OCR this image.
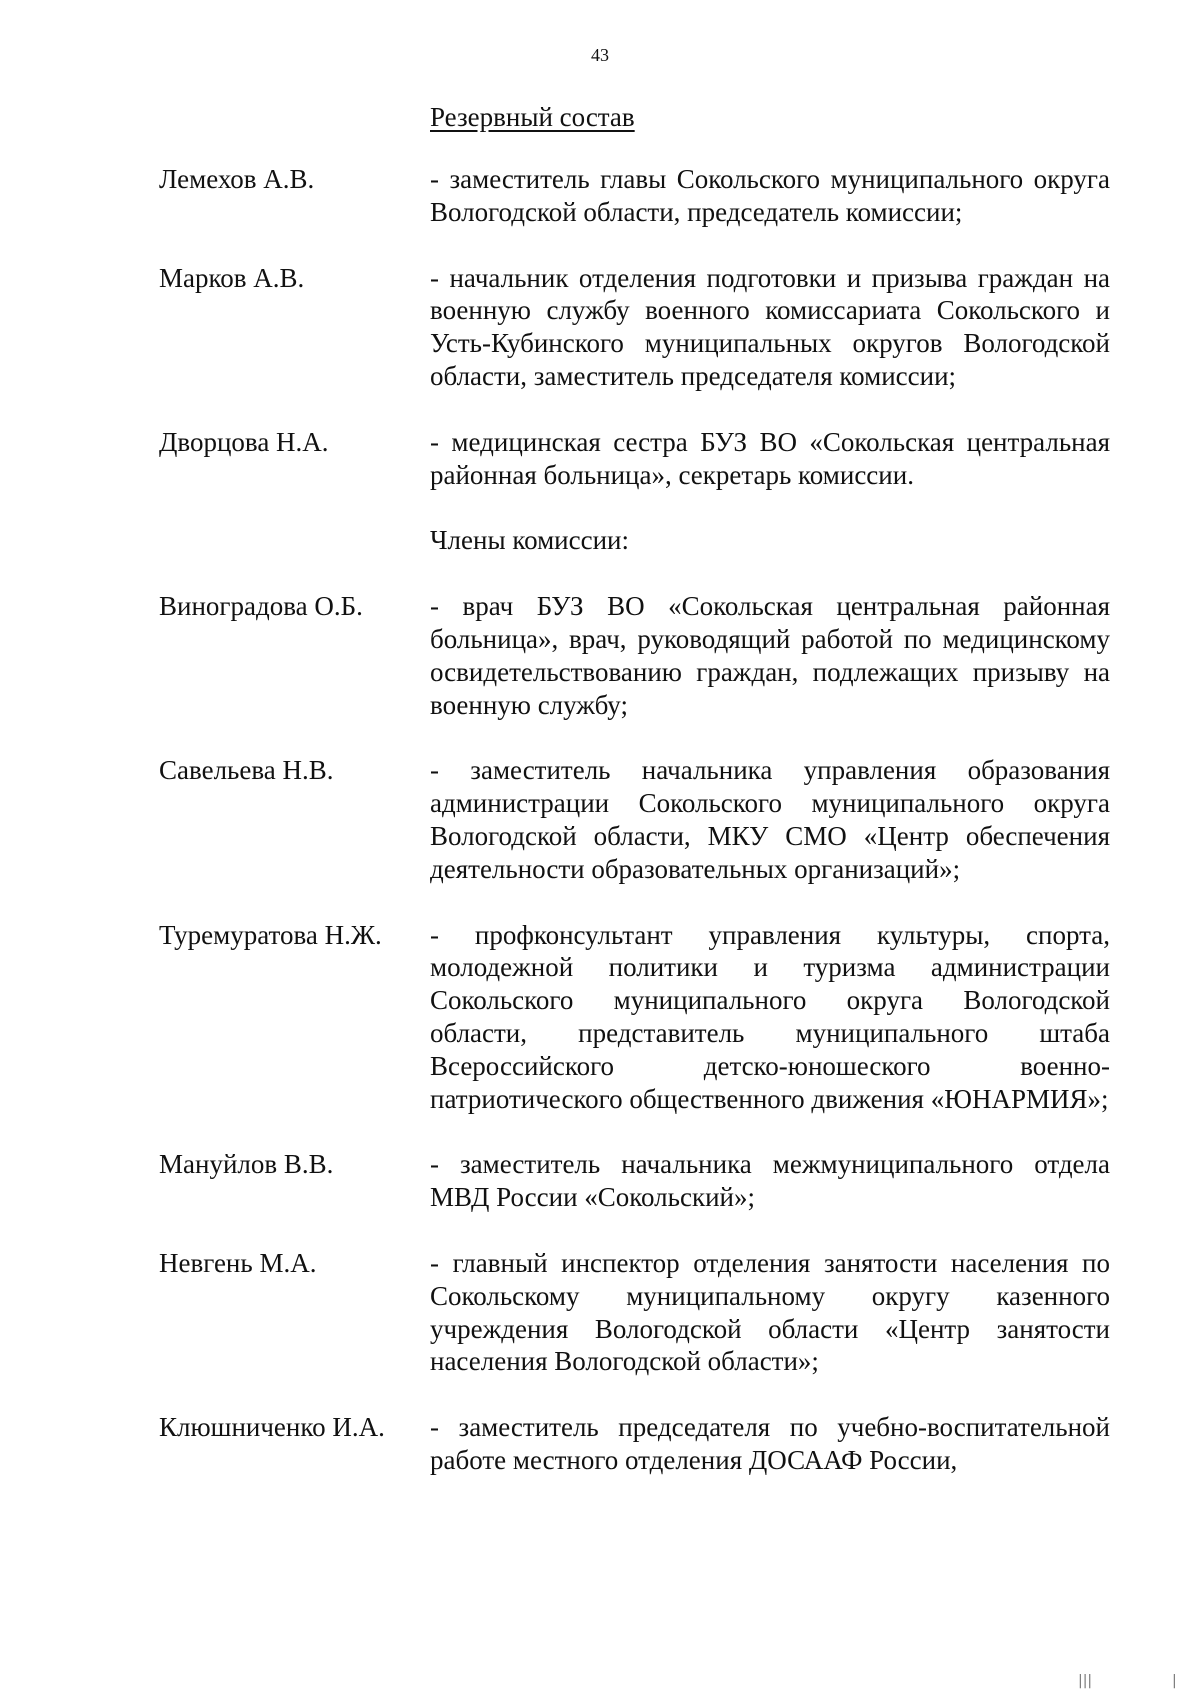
43
Резервный состав
Лемехов А.В.	- заместитель главы Сокольского муниципального округа Вологодской области, председатель комиссии;
Марков А.В.	- начальник отделения подготовки и призыва граждан на военную службу военного комиссариата Сокольского и Усть-Кубинского муниципальных округов Вологодской области, заместитель председателя комиссии;
Дворцова Н.А.	- медицинская сестра БУЗ ВО «Сокольская центральная районная больница», секретарь комиссии.
Члены комиссии:
Виноградова О.Б. - врач БУЗ ВО «Сокольская центральная районная больница», врач, руководящий работой по медицинскому освидетельствованию граждан, подлежащих призыву на военную службу;
Савельева Н.В.	- заместитель начальника управления образования администрации Сокольского муниципального округа Вологодской области, МКУ СМО «Центр обеспечения деятельности образовательных организаций»;
Туремуратова Н.Ж. - профконсультант управления культуры, спорта, молодежной политики и туризма администрации Сокольского муниципального округа Вологодской области, представитель муниципального штаба Всероссийского детско-юношеского военно-патриотического общественного движения «ЮНАРМИЯ»;
Мануйлов В.В.	- заместитель начальника межмуниципального отдела МВД России «Сокольский»;
Невгень М.А.	- главный инспектор отделения занятости населения по Сокольскому муниципальному округу казенного учреждения Вологодской области «Центр занятости населения Вологодской области»;
Клюшниченко И.А. - заместитель председателя по учебно-воспитательной работе местного отделения ДОСААФ России,
|||	|
